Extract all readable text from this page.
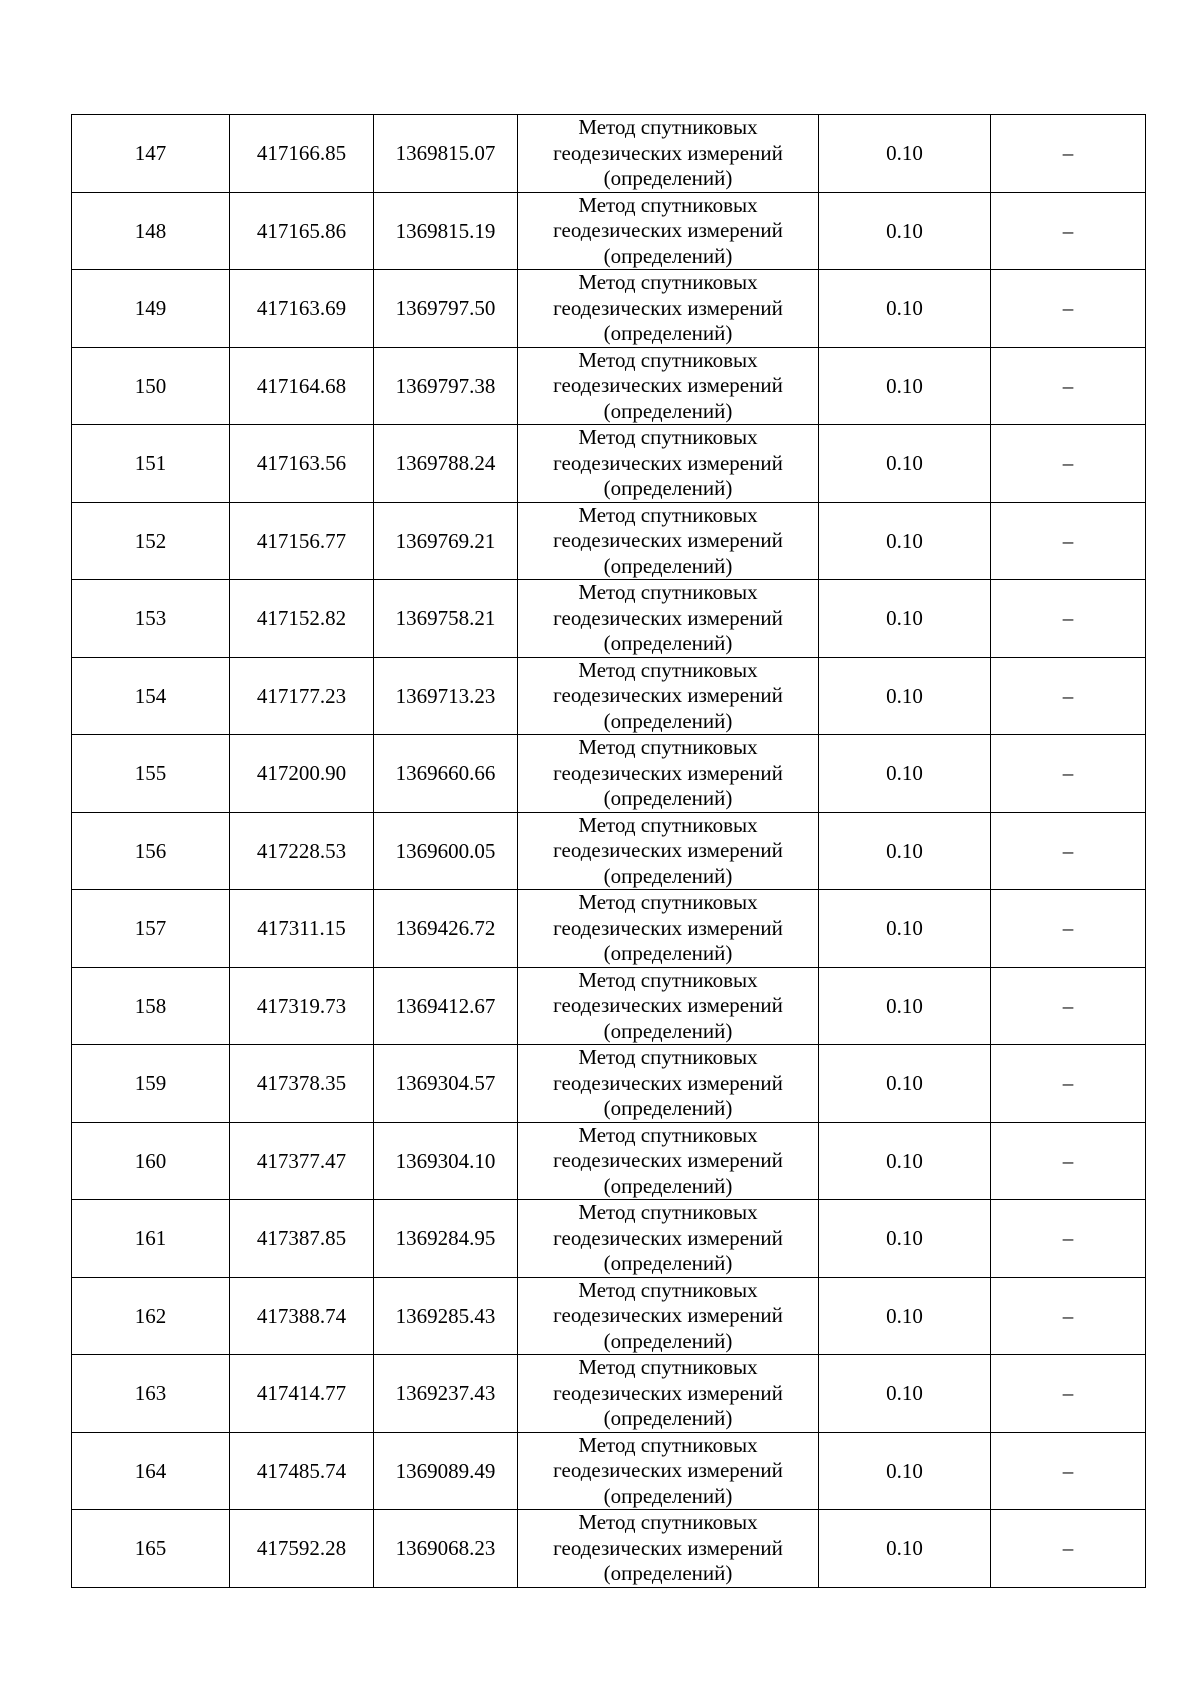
147	417166.85	1369815.07	Метод спутниковых
геодезических измерений
(определений)	0.10	–
148	417165.86	1369815.19	Метод спутниковых
геодезических измерений
(определений)	0.10	–
149	417163.69	1369797.50	Метод спутниковых
геодезических измерений
(определений)	0.10	–
150	417164.68	1369797.38	Метод спутниковых
геодезических измерений
(определений)	0.10	–
151	417163.56	1369788.24	Метод спутниковых
геодезических измерений
(определений)	0.10	–
152	417156.77	1369769.21	Метод спутниковых
геодезических измерений
(определений)	0.10	–
153	417152.82	1369758.21	Метод спутниковых
геодезических измерений
(определений)	0.10	–
154	417177.23	1369713.23	Метод спутниковых
геодезических измерений
(определений)	0.10	–
155	417200.90	1369660.66	Метод спутниковых
геодезических измерений
(определений)	0.10	–
156	417228.53	1369600.05	Метод спутниковых
геодезических измерений
(определений)	0.10	–
157	417311.15	1369426.72	Метод спутниковых
геодезических измерений
(определений)	0.10	–
158	417319.73	1369412.67	Метод спутниковых
геодезических измерений
(определений)	0.10	–
159	417378.35	1369304.57	Метод спутниковых
геодезических измерений
(определений)	0.10	–
160	417377.47	1369304.10	Метод спутниковых
геодезических измерений
(определений)	0.10	–
161	417387.85	1369284.95	Метод спутниковых
геодезических измерений
(определений)	0.10	–
162	417388.74	1369285.43	Метод спутниковых
геодезических измерений
(определений)	0.10	–
163	417414.77	1369237.43	Метод спутниковых
геодезических измерений
(определений)	0.10	–
164	417485.74	1369089.49	Метод спутниковых
геодезических измерений
(определений)	0.10	–
165	417592.28	1369068.23	Метод спутниковых
геодезических измерений
(определений)	0.10	–
